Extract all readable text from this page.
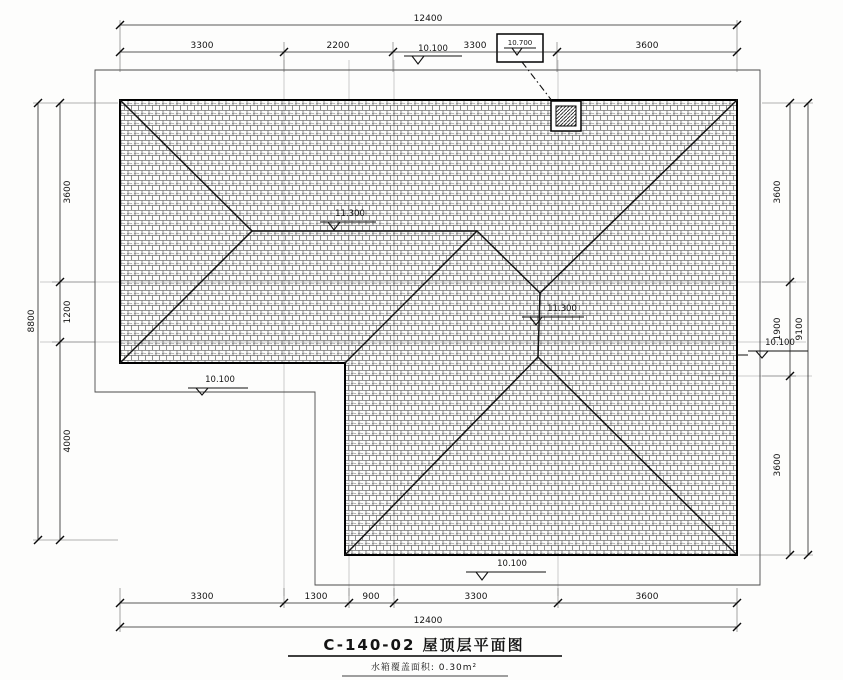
10.700
10.100
11.300
11.300
10.100
10.100
10.100
12400
3300	2200	3300	3600
3300	1300	900	3300	3600
12400
8800
3600
1200
4000
3600
1900
3600
9100
C-140-02 屋顶层平面图
水箱覆盖面积: 0.30m²
